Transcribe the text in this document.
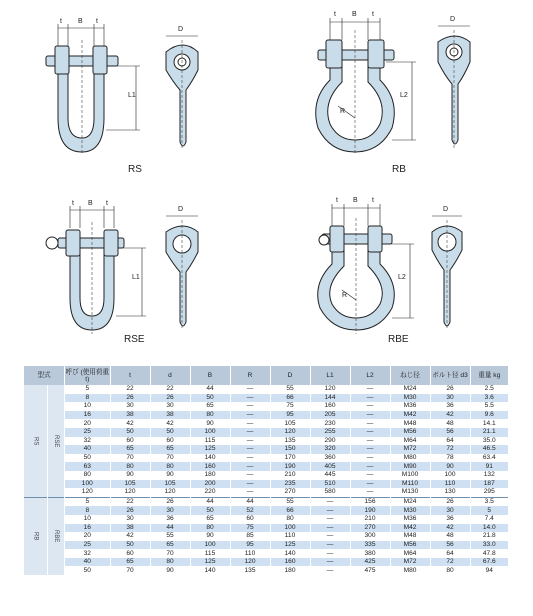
RS	RB
RSE	RBE
t B t
D
L1
t B t
D
L2
R
t B t
D
L1
t B t
D
L2
R
型式		呼び (使用荷重 t)	t	d	B	R	D	L1	L2	ねじ径	ボルト径 d3	重量 kg
RS	RSE	5	22	22	44	—	55	120	—	M24	26	2.5
		8	26	26	50	—	66	144	—	M30	30	3.6
		10	30	30	65	—	75	160	—	M36	36	5.5
		16	38	38	80	—	95	205	—	M42	42	9.6
		20	42	42	90	—	105	230	—	M48	48	14.1
		25	50	50	100	—	120	255	—	M56	56	21.1
		32	60	60	115	—	135	290	—	M64	64	35.0
		40	65	65	125	—	150	320	—	M72	72	46.5
		50	70	70	140	—	170	360	—	M80	78	63.4
		63	80	80	160	—	190	405	—	M90	90	91
		80	90	90	180	—	210	445	—	M100	100	132
		100	105	105	200	—	235	510	—	M110	110	187
		120	120	120	220	—	270	580	—	M130	130	295
RB	RBE	5	22	26	44	44	55	—	156	M24	26	3.5
		8	26	30	50	52	66	—	190	M30	30	5
		10	30	36	65	60	80	—	210	M36	36	7.4
		16	38	44	80	75	100	—	270	M42	42	14.0
		20	42	55	90	85	110	—	300	M48	48	21.8
		25	50	65	100	95	125	—	335	M56	56	33.0
		32	60	70	115	110	140	—	380	M64	64	47.8
		40	65	80	125	120	160	—	425	M72	72	67.6
		50	70	90	140	135	180	—	475	M80	80	94
